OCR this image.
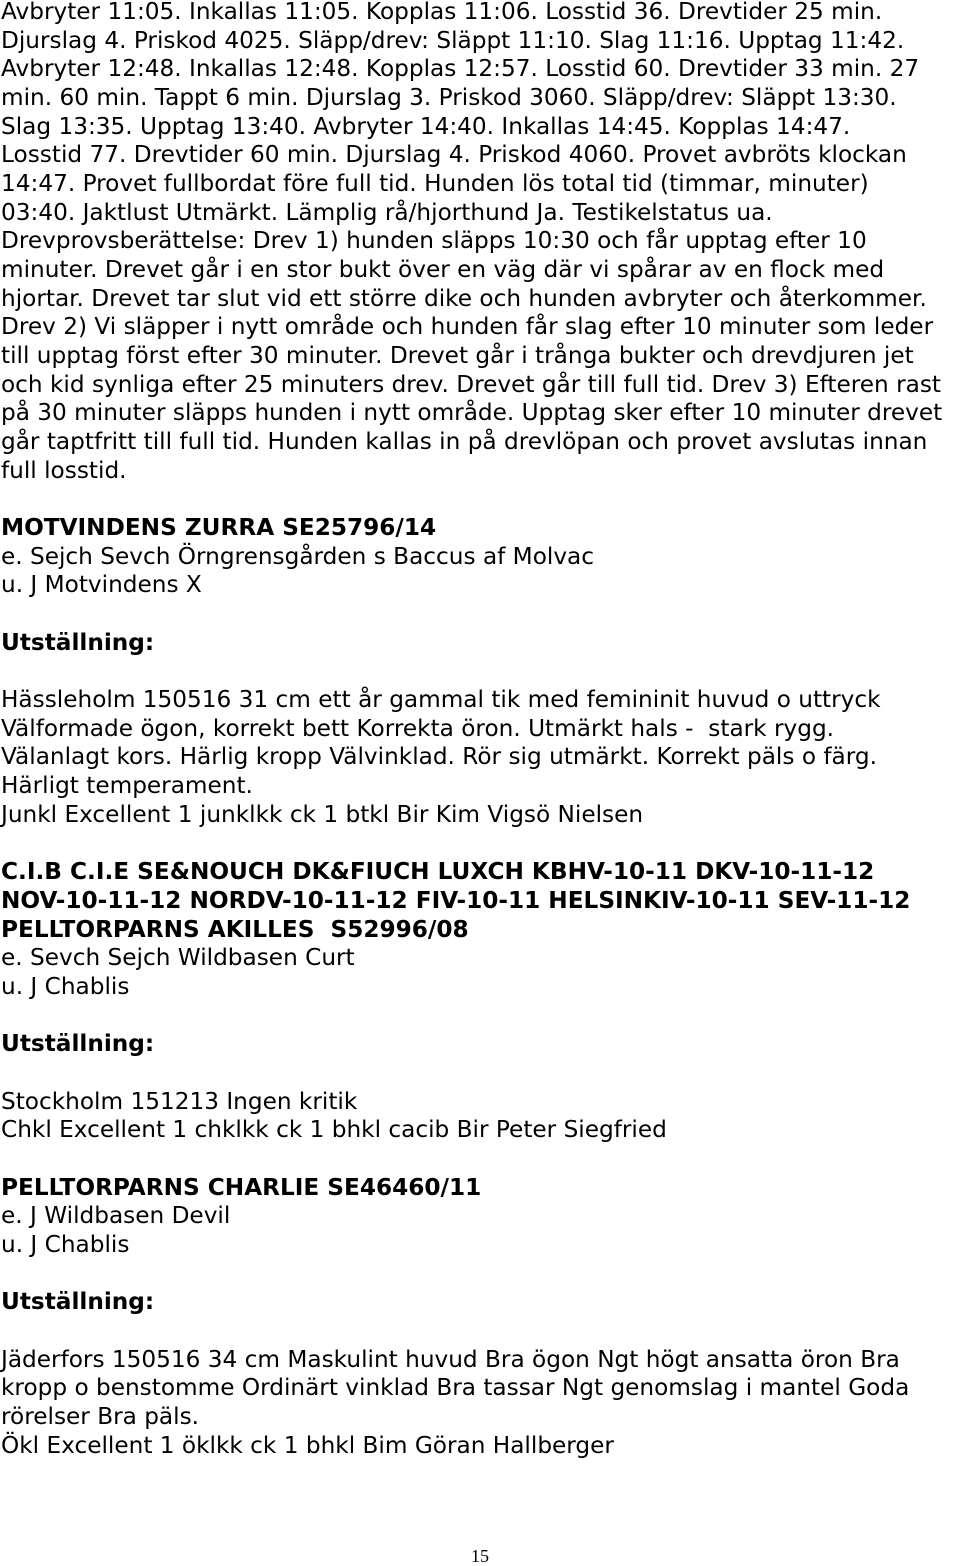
Avbryter 11:05. Inkallas 11:05. Kopplas 11:06. Losstid 36. Drevtider 25 min.
Djurslag 4. Priskod 4025. Släpp/drev: Släppt 11:10. Slag 11:16. Upptag 11:42.
Avbryter 12:48. Inkallas 12:48. Kopplas 12:57. Losstid 60. Drevtider 33 min. 27
min. 60 min. Tappt 6 min. Djurslag 3. Priskod 3060. Släpp/drev: Släppt 13:30.
Slag 13:35. Upptag 13:40. Avbryter 14:40. Inkallas 14:45. Kopplas 14:47.
Losstid 77. Drevtider 60 min. Djurslag 4. Priskod 4060. Provet avbröts klockan
14:47. Provet fullbordat före full tid. Hunden lös total tid (timmar, minuter)
03:40. Jaktlust Utmärkt. Lämplig rå/hjorthund Ja. Testikelstatus ua.
Drevprovsberättelse: Drev 1) hunden släpps 10:30 och får upptag efter 10
minuter. Drevet går i en stor bukt över en väg där vi spårar av en flock med
hjortar. Drevet tar slut vid ett större dike och hunden avbryter och återkommer.
Drev 2) Vi släpper i nytt område och hunden får slag efter 10 minuter som leder
till upptag först efter 30 minuter. Drevet går i trånga bukter och drevdjuren jet
och kid synliga efter 25 minuters drev. Drevet går till full tid. Drev 3) Efteren rast
på 30 minuter släpps hunden i nytt område. Upptag sker efter 10 minuter drevet
går taptfritt till full tid. Hunden kallas in på drevlöpan och provet avslutas innan
full losstid.
MOTVINDENS ZURRA SE25796/14
e. Sejch Sevch Örngrensgården s Baccus af Molvac
u. J Motvindens X
Utställning:
Hässleholm 150516 31 cm ett år gammal tik med femininit huvud o uttryck
Välformade ögon, korrekt bett Korrekta öron. Utmärkt hals -  stark rygg.
Välanlagt kors. Härlig kropp Välvinklad. Rör sig utmärkt. Korrekt päls o färg.
Härligt temperament.
Junkl Excellent 1 junklkk ck 1 btkl Bir Kim Vigsö Nielsen
C.I.B C.I.E SE&NOUCH DK&FIUCH LUXCH KBHV-10-11 DKV-10-11-12
NOV-10-11-12 NORDV-10-11-12 FIV-10-11 HELSINKIV-10-11 SEV-11-12
PELLTORPARNS AKILLES  S52996/08
e. Sevch Sejch Wildbasen Curt
u. J Chablis
Utställning:
Stockholm 151213 Ingen kritik
Chkl Excellent 1 chklkk ck 1 bhkl cacib Bir Peter Siegfried
PELLTORPARNS CHARLIE SE46460/11
e. J Wildbasen Devil
u. J Chablis
Utställning:
Jäderfors 150516 34 cm Maskulint huvud Bra ögon Ngt högt ansatta öron Bra
kropp o benstomme Ordinärt vinklad Bra tassar Ngt genomslag i mantel Goda
rörelser Bra päls.
Ökl Excellent 1 öklkk ck 1 bhkl Bim Göran Hallberger
15
